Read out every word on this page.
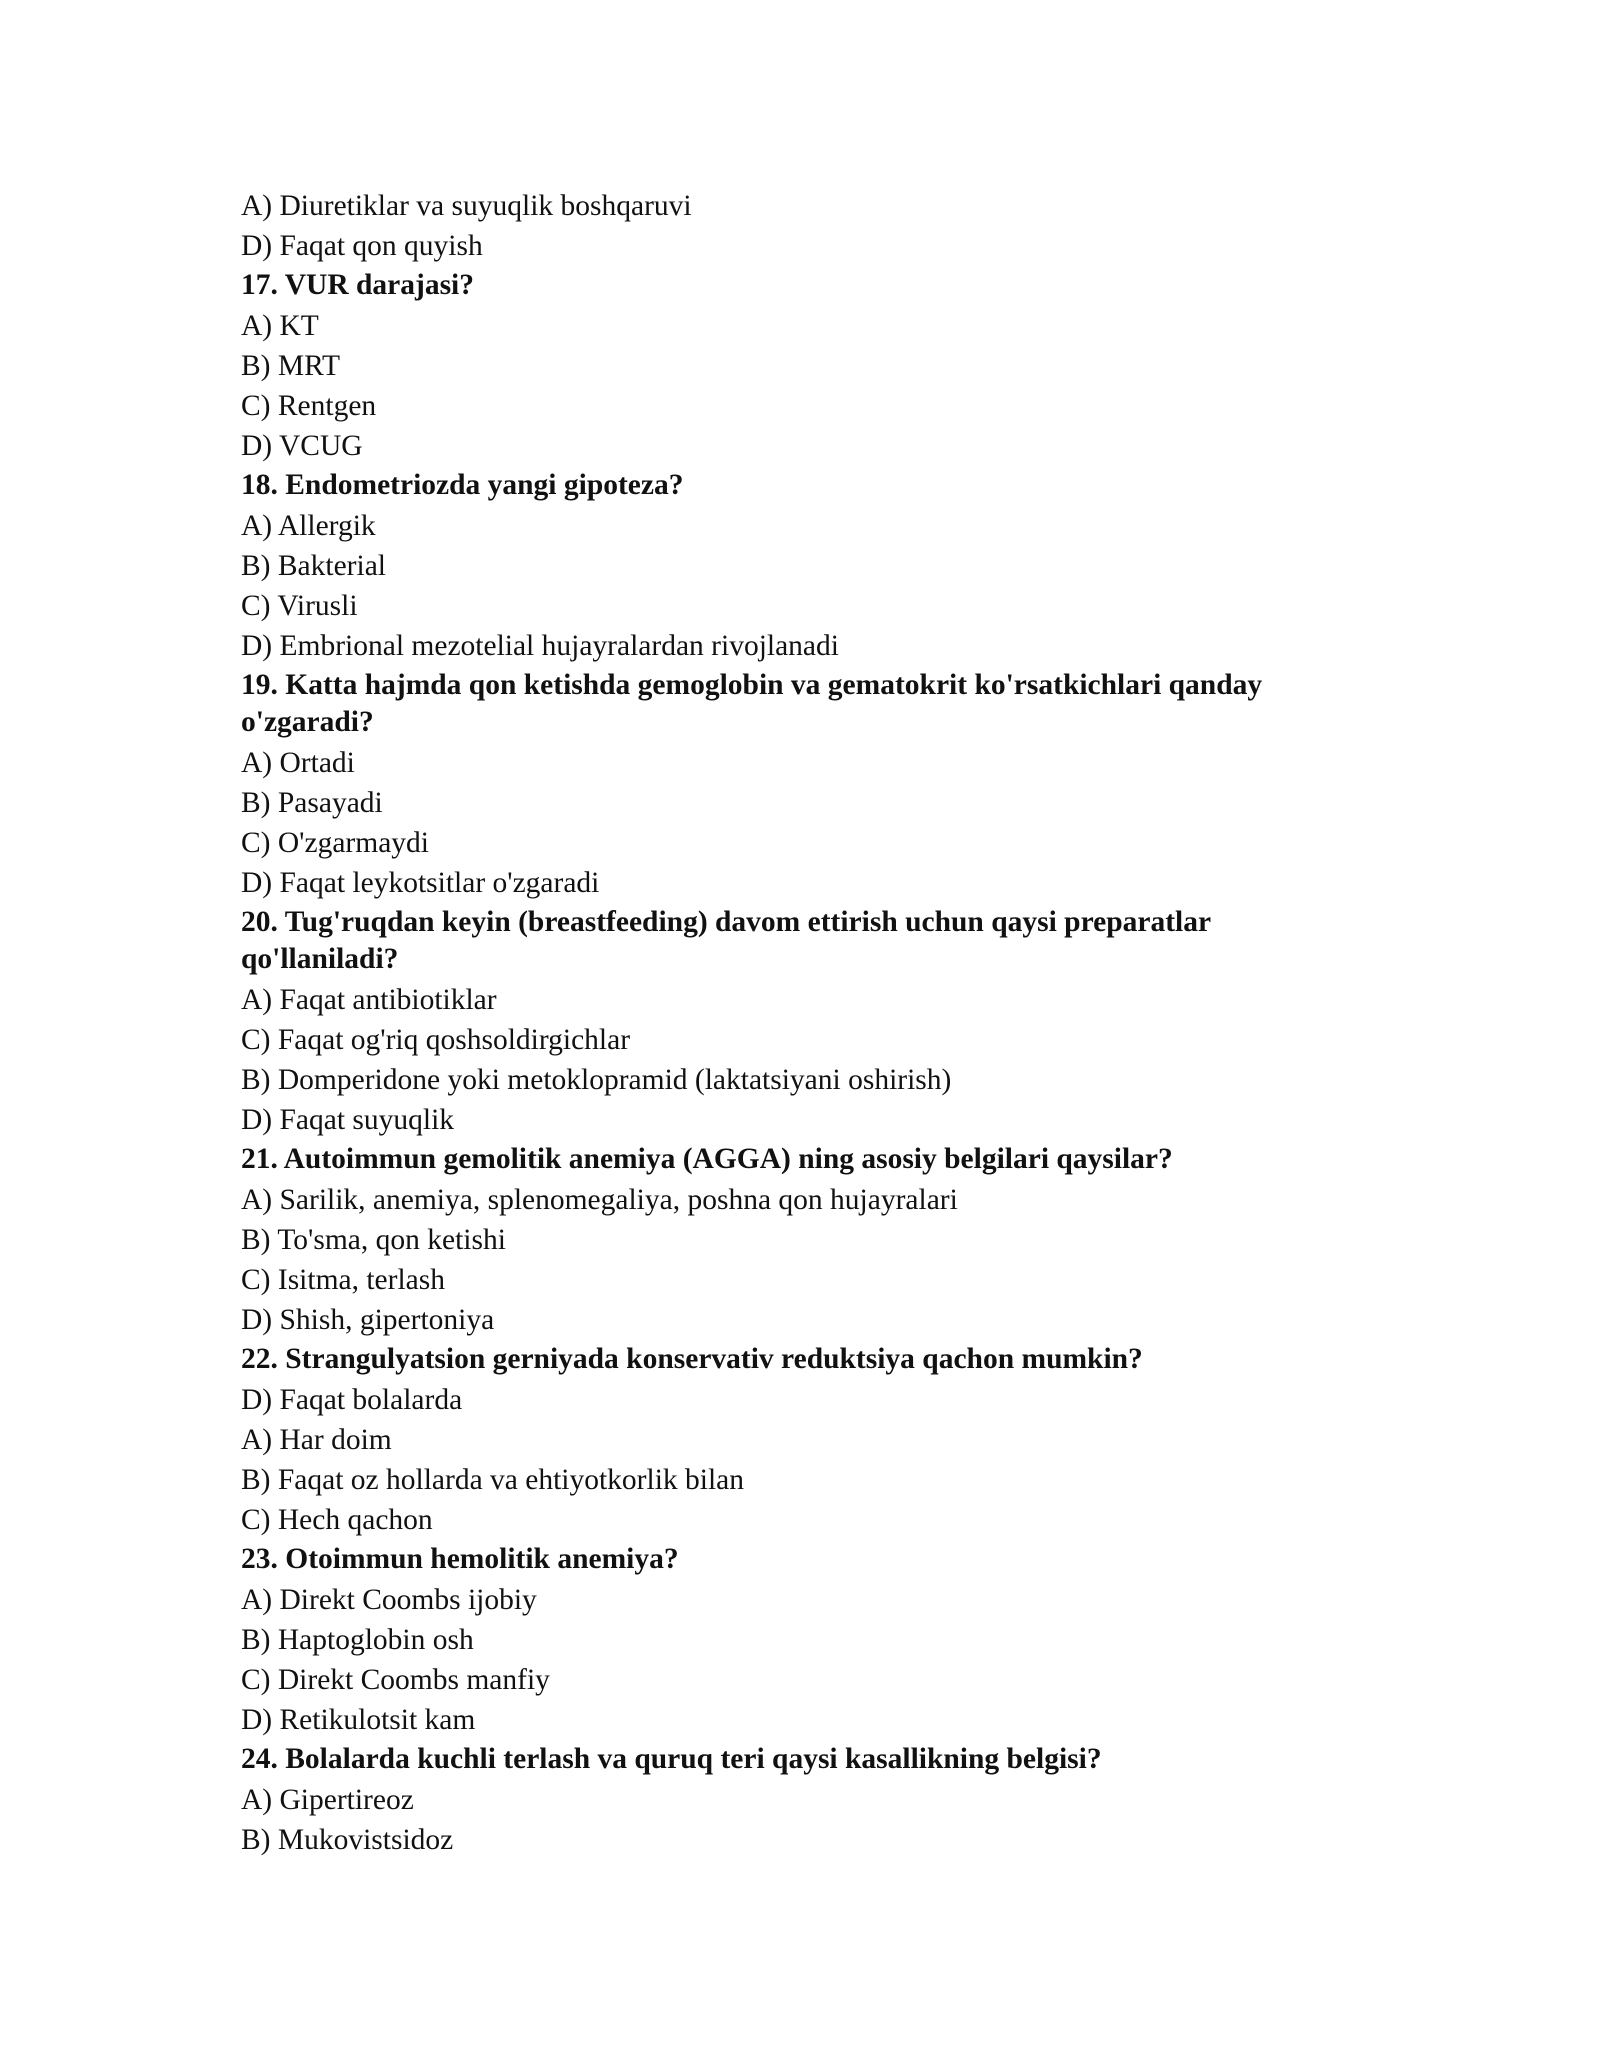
A) Diuretiklar va suyuqlik boshqaruvi
D) Faqat qon quyish
17. VUR darajasi?
A) KT
B) MRT
C) Rentgen
D) VCUG
18. Endometriozda yangi gipoteza?
A) Allergik
B) Bakterial
C) Virusli
D) Embrional mezotelial hujayralardan rivojlanadi
19. Katta hajmda qon ketishda gemoglobin va gematokrit ko'rsatkichlari qanday o'zgaradi?
A) Ortadi
B) Pasayadi
C) O'zgarmaydi
D) Faqat leykotsitlar o'zgaradi
20. Tug'ruqdan keyin (breastfeeding) davom ettirish uchun qaysi preparatlar qo'llaniladi?
A) Faqat antibiotiklar
C) Faqat og'riq qoshsoldirgichlar
B) Domperidone yoki metoklopramid (laktatsiyani oshirish)
D) Faqat suyuqlik
21. Autoimmun gemolitik anemiya (AGGA) ning asosiy belgilari qaysilar?
A) Sarilik, anemiya, splenomegaliya, poshna qon hujayralari
B) To'sma, qon ketishi
C) Isitma, terlash
D) Shish, gipertoniya
22. Strangulyatsion gerniyada konservativ reduktsiya qachon mumkin?
D) Faqat bolalarda
A) Har doim
B) Faqat oz hollarda va ehtiyotkorlik bilan
C) Hech qachon
23. Otoimmun hemolitik anemiya?
A) Direkt Coombs ijobiy
B) Haptoglobin osh
C) Direkt Coombs manfiy
D) Retikulotsit kam
24. Bolalarda kuchli terlash va quruq teri qaysi kasallikning belgisi?
A) Gipertireoz
B) Mukovistsidoz
